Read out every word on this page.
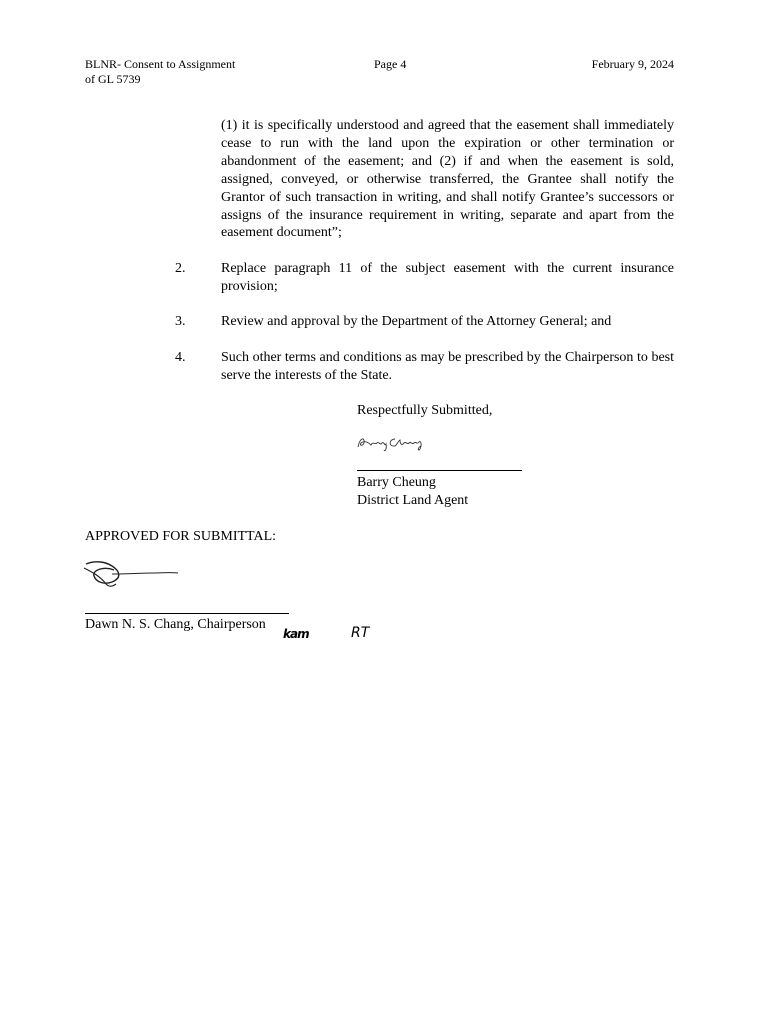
BLNR- Consent to Assignment
of GL 5739
Page 4	February 9, 2024
(1) it is specifically understood and agreed that the easement shall immediately cease to run with the land upon the expiration or other termination or abandonment of the easement; and (2) if and when the easement is sold, assigned, conveyed, or otherwise transferred, the Grantee shall notify the Grantor of such transaction in writing, and shall notify Grantee’s successors or assigns of the insurance requirement in writing, separate and apart from the easement document”;
2.	Replace paragraph 11 of the subject easement with the current insurance provision;
3.	Review and approval by the Department of the Attorney General; and
4.	Such other terms and conditions as may be prescribed by the Chairperson to best serve the interests of the State.
Respectfully Submitted,
Barry Cheung
District Land Agent
APPROVED FOR SUBMITTAL:
Dawn N. S. Chang, Chairperson
kam	RT
